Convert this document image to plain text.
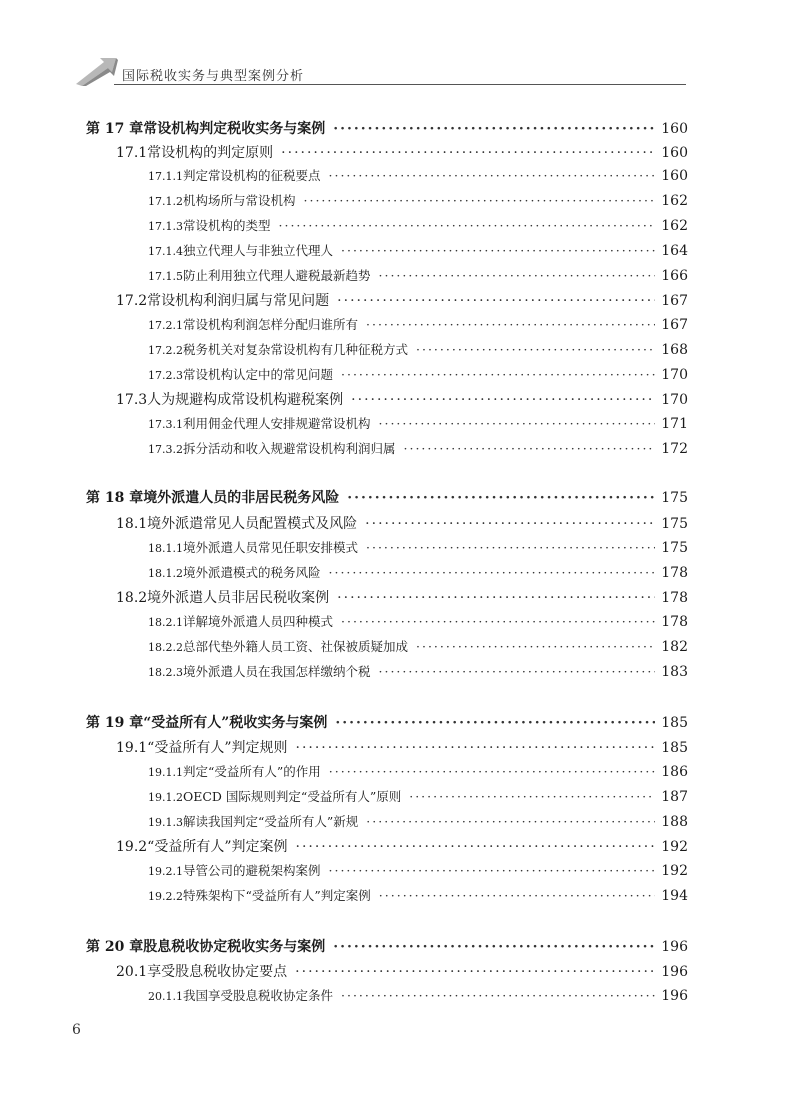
国际税收实务与典型案例分析
第 17 章 常设机构判定税收实务与案例 ·····	160
17.1 常设机构的判定原则 ·····	160
17.1.1 判定常设机构的征税要点 ·····	160
17.1.2 机构场所与常设机构 ·····	162
17.1.3 常设机构的类型 ·····	162
17.1.4 独立代理人与非独立代理人 ·····	164
17.1.5 防止利用独立代理人避税最新趋势 ·····	166
17.2 常设机构利润归属与常见问题 ·····	167
17.2.1 常设机构利润怎样分配归谁所有 ·····	167
17.2.2 税务机关对复杂常设机构有几种征税方式 ·····	168
17.2.3 常设机构认定中的常见问题 ·····	170
17.3 人为规避构成常设机构避税案例 ·····	170
17.3.1 利用佣金代理人安排规避常设机构 ·····	171
17.3.2 拆分活动和收入规避常设机构利润归属 ·····	172
第 18 章 境外派遣人员的非居民税务风险 ·····	175
18.1 境外派遣常见人员配置模式及风险 ·····	175
18.1.1 境外派遣人员常见任职安排模式 ·····	175
18.1.2 境外派遣模式的税务风险 ·····	178
18.2 境外派遣人员非居民税收案例 ·····	178
18.2.1 详解境外派遣人员四种模式 ·····	178
18.2.2 总部代垫外籍人员工资、社保被质疑加成 ·····	182
18.2.3 境外派遣人员在我国怎样缴纳个税 ·····	183
第 19 章 “受益所有人”税收实务与案例 ·····	185
19.1 “受益所有人”判定规则 ·····	185
19.1.1 判定“受益所有人”的作用 ·····	186
19.1.2 OECD 国际规则判定“受益所有人”原则 ·····	187
19.1.3 解读我国判定“受益所有人”新规 ·····	188
19.2 “受益所有人”判定案例 ·····	192
19.2.1 导管公司的避税架构案例 ·····	192
19.2.2 特殊架构下“受益所有人”判定案例 ·····	194
第 20 章 股息税收协定税收实务与案例 ·····	196
20.1 享受股息税收协定要点 ·····	196
20.1.1 我国享受股息税收协定条件 ·····	196
6
